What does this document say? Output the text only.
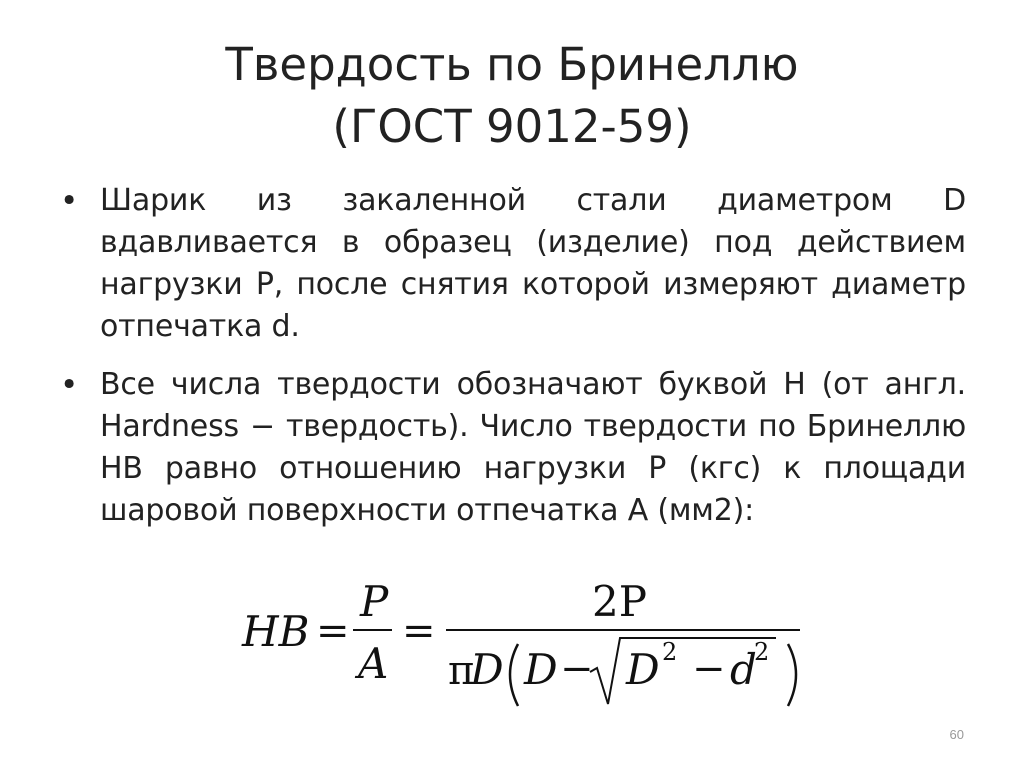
Твердость по Бринеллю
(ГОСТ 9012-59)
• Шарик из закаленной стали диаметром D вдавливается в образец (изделие) под действием нагрузки Р, после снятия которой измеряют диаметр отпечатка d.
• Все числа твердости обозначают буквой Н (от англ. Hardness − твердость). Число твердости по Бринеллю НВ равно отношению нагрузки Р (кгс) к площади шаровой поверхности отпечатка А (мм2):
HB =
P
A
=
2P
π
D D − D 2 − d
2
60
